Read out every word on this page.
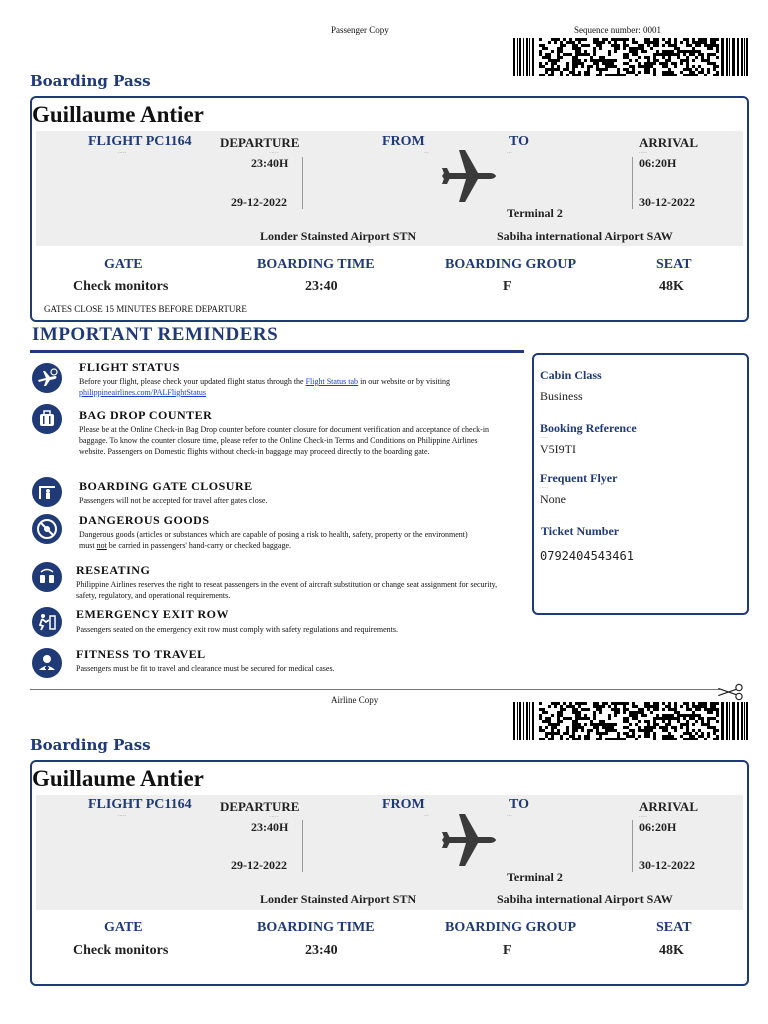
Passenger Copy	Sequence number: 0001
Boarding Pass
Guillaume Antier
FLIGHT PC1164
·····
DEPARTURE
·····
23:40H
29-12-2022
FROM
···
Londer Stainsted Airport STN
TO
···
Terminal 2
Sabiha international Airport SAW
ARRIVAL
·····
06:20H
30-12-2022
GATE
Check monitors
BOARDING TIME
23:40
BOARDING GROUP
F
SEAT
48K
GATES CLOSE 15 MINUTES BEFORE DEPARTURE
IMPORTANT REMINDERS
FLIGHT STATUS
Before your flight, please check your updated flight status through the Flight Status tab in our website or by visiting
philippineairlines.com/PALFlightStatus
BAG DROP COUNTER
Please be at the Online Check-in Bag Drop counter before counter closure for document verification and acceptance of check-in baggage. To know the counter closure time, please refer to the Online Check-in Terms and Conditions on Philippine Airlines website. Passengers on Domestic flights without check-in baggage may proceed directly to the boarding gate.
BOARDING GATE CLOSURE
Passengers will not be accepted for travel after gates close.
DANGEROUS GOODS
Dangerous goods (articles or substances which are capable of posing a risk to health, safety, property or the environment) must not be carried in passengers' hand-carry or checked baggage.
RESEATING
Philippine Airlines reserves the right to reseat passengers in the event of aircraft substitution or change seat assignment for security, safety, regulatory, and operational requirements.
EMERGENCY EXIT ROW
Passengers seated on the emergency exit row must comply with safety regulations and requirements.
FITNESS TO TRAVEL
Passengers must be fit to travel and clearance must be secured for medical cases.
Cabin Class
Business
Booking Reference
·····
V5I9TI
Frequent Flyer
·····
None
Ticket Number
0792404543461
Airline Copy
Boarding Pass
Guillaume Antier
FLIGHT PC1164
·····
DEPARTURE
·····
23:40H
29-12-2022
FROM
···
Londer Stainsted Airport STN
TO
···
Terminal 2
Sabiha international Airport SAW
ARRIVAL
·····
06:20H
30-12-2022
GATE
Check monitors
BOARDING TIME
23:40
BOARDING GROUP
F
SEAT
48K
